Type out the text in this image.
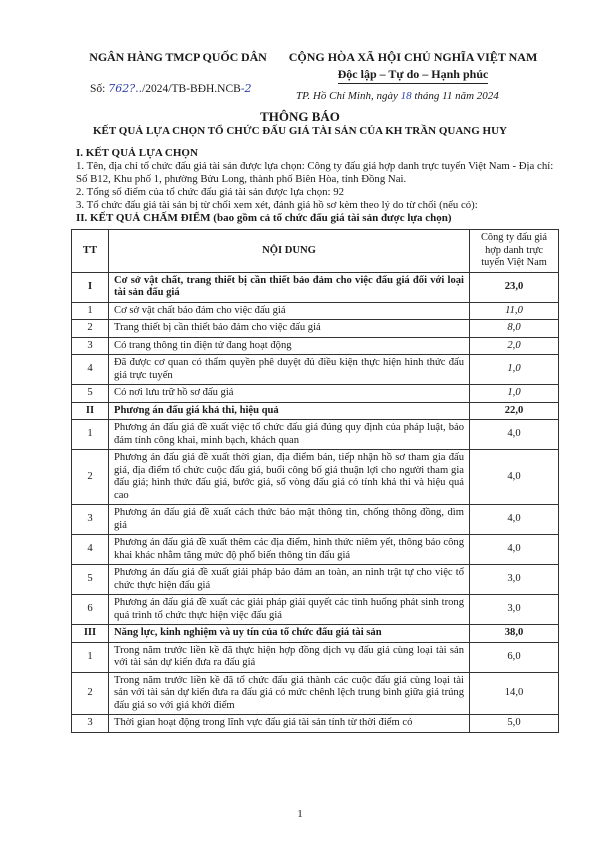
NGÂN HÀNG TMCP QUỐC DÂN	CỘNG HÒA XÃ HỘI CHỦ NGHĨA VIỆT NAM
Độc lập – Tự do – Hạnh phúc
Số: 762?../2024/TB-BĐH.NCB-2
TP. Hồ Chí Minh, ngày 18 tháng 11 năm 2024
THÔNG BÁO
KẾT QUẢ LỰA CHỌN TỔ CHỨC ĐẤU GIÁ TÀI SẢN CỦA KH TRẦN QUANG HUY
I. KẾT QUẢ LỰA CHỌN
1. Tên, địa chỉ tổ chức đấu giá tài sản được lựa chọn: Công ty đấu giá hợp danh trực tuyến Việt Nam - Địa chỉ: Số B12, Khu phố 1, phường Bửu Long, thành phố Biên Hòa, tỉnh Đồng Nai.
2. Tổng số điểm của tổ chức đấu giá tài sản được lựa chọn: 92
3. Tổ chức đấu giá tài sản bị từ chối xem xét, đánh giá hồ sơ kèm theo lý do từ chối (nếu có):
II. KẾT QUẢ CHẤM ĐIỂM (bao gồm cả tổ chức đấu giá tài sản được lựa chọn)
TT	NỘI DUNG	Công ty đấu giá hợp danh trực tuyến Việt Nam
I	Cơ sở vật chất, trang thiết bị cần thiết bảo đảm cho việc đấu giá đối với loại tài sản đấu giá	23,0
1	Cơ sở vật chất bảo đảm cho việc đấu giá	11,0
2	Trang thiết bị cần thiết bảo đảm cho việc đấu giá	8,0
3	Có trang thông tin điện tử đang hoạt động	2,0
4	Đã được cơ quan có thẩm quyền phê duyệt đủ điều kiện thực hiện hình thức đấu giá trực tuyến	1,0
5	Có nơi lưu trữ hồ sơ đấu giá	1,0
II	Phương án đấu giá khả thi, hiệu quả	22,0
1	Phương án đấu giá đề xuất việc tổ chức đấu giá đúng quy định của pháp luật, bảo đảm tính công khai, minh bạch, khách quan	4,0
2	Phương án đấu giá đề xuất thời gian, địa điểm bán, tiếp nhận hồ sơ tham gia đấu giá, địa điểm tổ chức cuộc đấu giá, buổi công bố giá thuận lợi cho người tham gia đấu giá; hình thức đấu giá, bước giá, số vòng đấu giá có tính khả thi và hiệu quả cao	4,0
3	Phương án đấu giá đề xuất cách thức bảo mật thông tin, chống thông đồng, dìm giá	4,0
4	Phương án đấu giá đề xuất thêm các địa điểm, hình thức niêm yết, thông báo công khai khác nhằm tăng mức độ phổ biến thông tin đấu giá	4,0
5	Phương án đấu giá đề xuất giải pháp bảo đảm an toàn, an ninh trật tự cho việc tổ chức thực hiện đấu giá	3,0
6	Phương án đấu giá đề xuất các giải pháp giải quyết các tình huống phát sinh trong quá trình tổ chức thực hiện việc đấu giá	3,0
III	Năng lực, kinh nghiệm và uy tín của tổ chức đấu giá tài sản	38,0
1	Trong năm trước liền kề đã thực hiện hợp đồng dịch vụ đấu giá cùng loại tài sản với tài sản dự kiến đưa ra đấu giá	6,0
2	Trong năm trước liền kề đã tổ chức đấu giá thành các cuộc đấu giá cùng loại tài sản với tài sản dự kiến đưa ra đấu giá có mức chênh lệch trung bình giữa giá trúng đấu giá so với giá khởi điểm	14,0
3	Thời gian hoạt động trong lĩnh vực đấu giá tài sản tính từ thời điểm có	5,0
1
